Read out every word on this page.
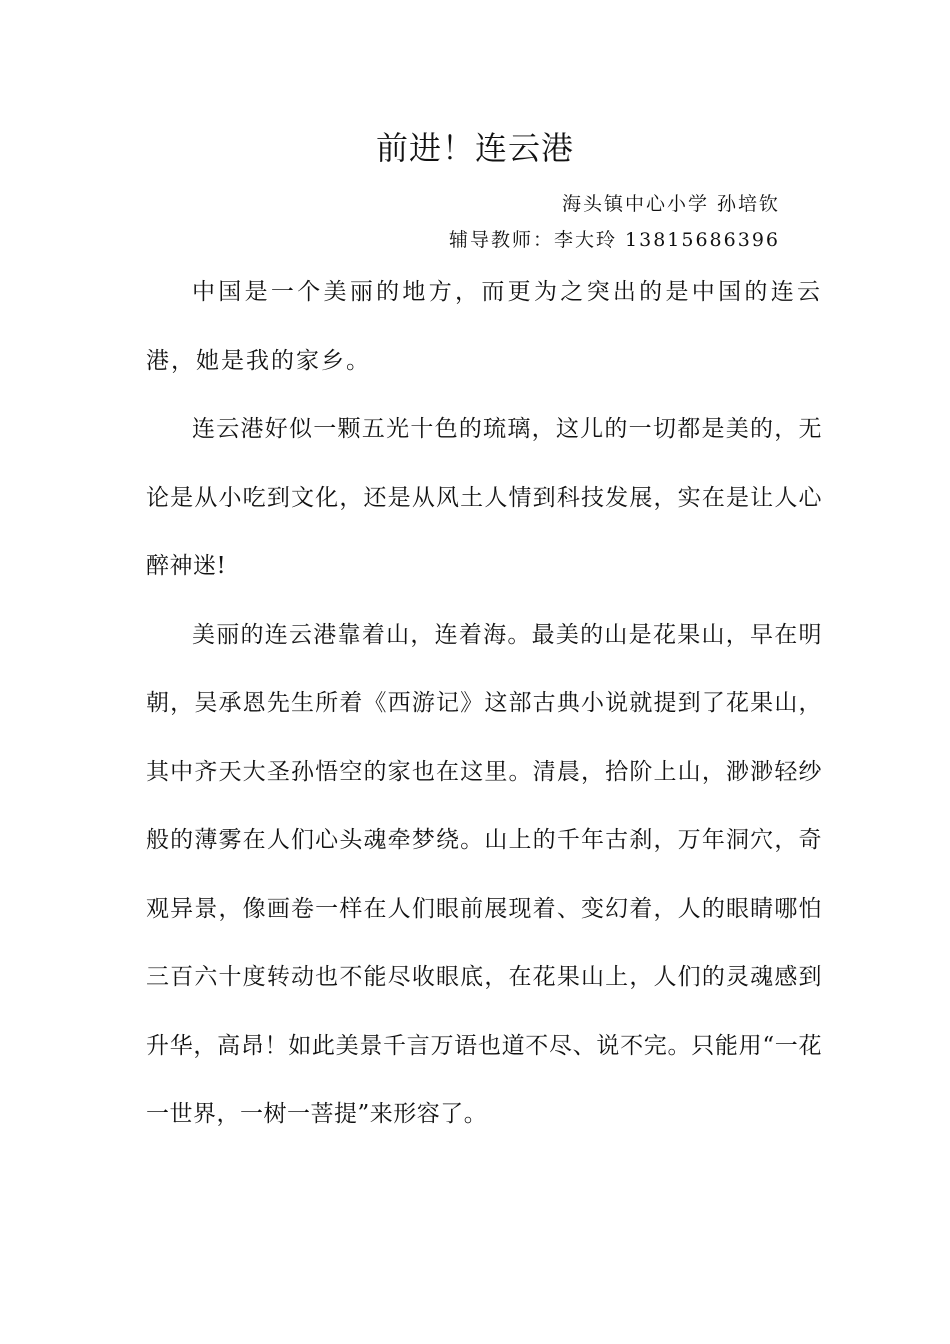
前进！连云港
海头镇中心小学 孙培钦
辅导教师：李大玲 13815686396

中国是一个美丽的地方，而更为之突出的是中国的连云港，她是我的家乡。

连云港好似一颗五光十色的琉璃，这儿的一切都是美的，无论是从小吃到文化，还是从风土人情到科技发展，实在是让人心醉神迷!

美丽的连云港靠着山，连着海。最美的山是花果山，早在明朝，吴承恩先生所着《西游记》这部古典小说就提到了花果山，其中齐天大圣孙悟空的家也在这里。清晨，拾阶上山，渺渺轻纱般的薄雾在人们心头魂牵梦绕。山上的千年古刹，万年洞穴，奇观异景，像画卷一样在人们眼前展现着、变幻着，人的眼睛哪怕三百六十度转动也不能尽收眼底，在花果山上，人们的灵魂感到升华，高昂！如此美景千言万语也道不尽、说不完。只能用“一花一世界，一树一菩提”来形容了。
